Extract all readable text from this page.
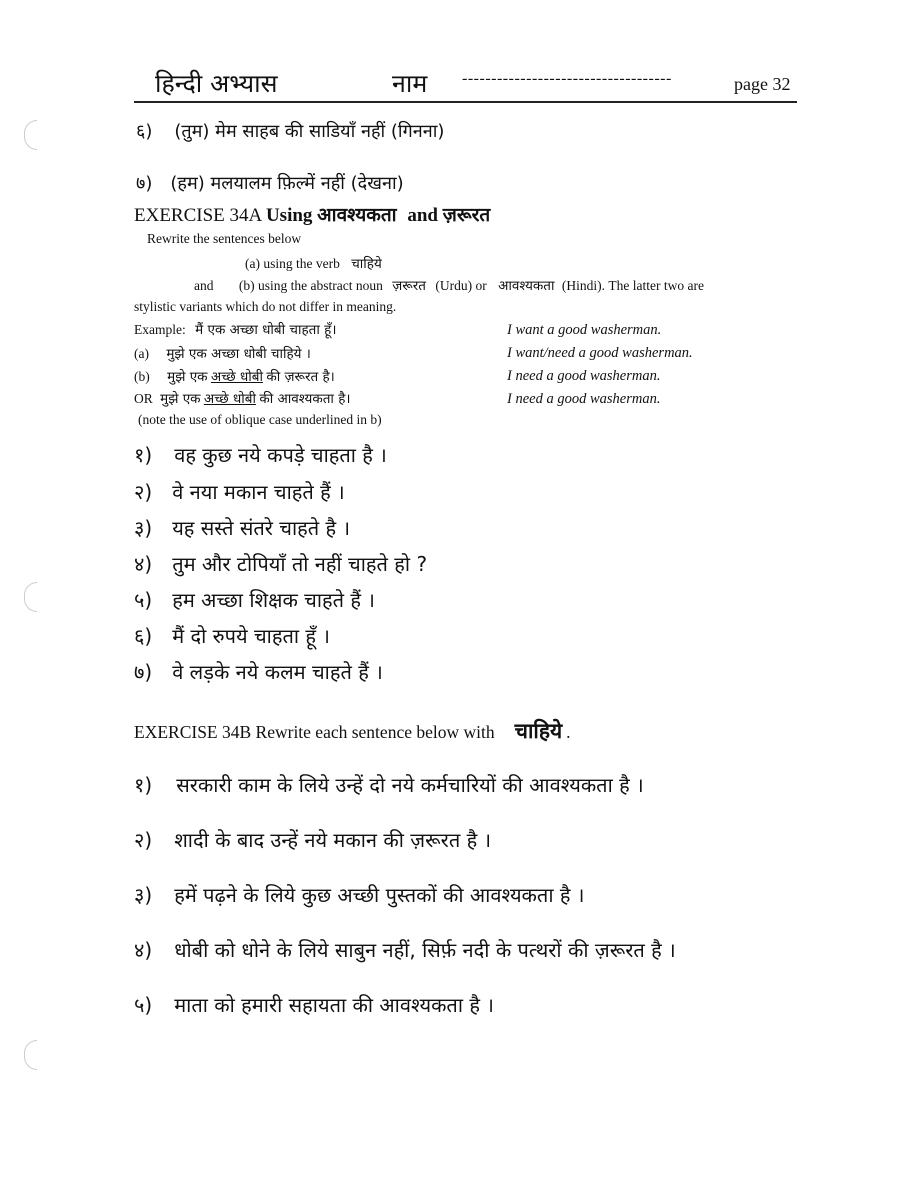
हिन्दी अभ्यास	नाम ------------------------------------	page 32
६) (तुम) मेम साहब की साडियाँ नहीं (गिनना)
७) (हम) मलयालम फ़िल्में नहीं (देखना)
EXERCISE 34A Using आवश्यकता and ज़रूरत
Rewrite the sentences below
(a) using the verb चाहिये
and (b) using the abstract noun ज़रूरत (Urdu) or आवश्यकता (Hindi). The latter two are
stylistic variants which do not differ in meaning.
Example: मैं एक अच्छा धोबी चाहता हूँ।	I want a good washerman.
(a) मुझे एक अच्छा धोबी चाहिये ।	I want/need a good washerman.
(b) मुझे एक अच्छे धोबी की ज़रूरत है।	I need a good washerman.
OR मुझे एक अच्छे धोबी की आवश्यकता है।	I need a good washerman.
(note the use of oblique case underlined in b)
१) वह कुछ नये कपड़े चाहता है ।
२) वे नया मकान चाहते हैं ।
३) यह सस्ते संतरे चाहते है ।
४) तुम और टोपियाँ तो नहीं चाहते हो ?
५) हम अच्छा शिक्षक चाहते हैं ।
६) मैं दो रुपये चाहता हूँ ।
७) वे लड़के नये कलम चाहते हैं ।
EXERCISE 34B Rewrite each sentence below with चाहिये .
१) सरकारी काम के लिये उन्हें दो नये कर्मचारियों की आवश्यकता है ।
२) शादी के बाद उन्हें नये मकान की ज़रूरत है ।
३) हमें पढ़ने के लिये कुछ अच्छी पुस्तकों की आवश्यकता है ।
४) धोबी को धोने के लिये साबुन नहीं, सिर्फ़ नदी के पत्थरों की ज़रूरत है ।
५) माता को हमारी सहायता की आवश्यकता है ।
